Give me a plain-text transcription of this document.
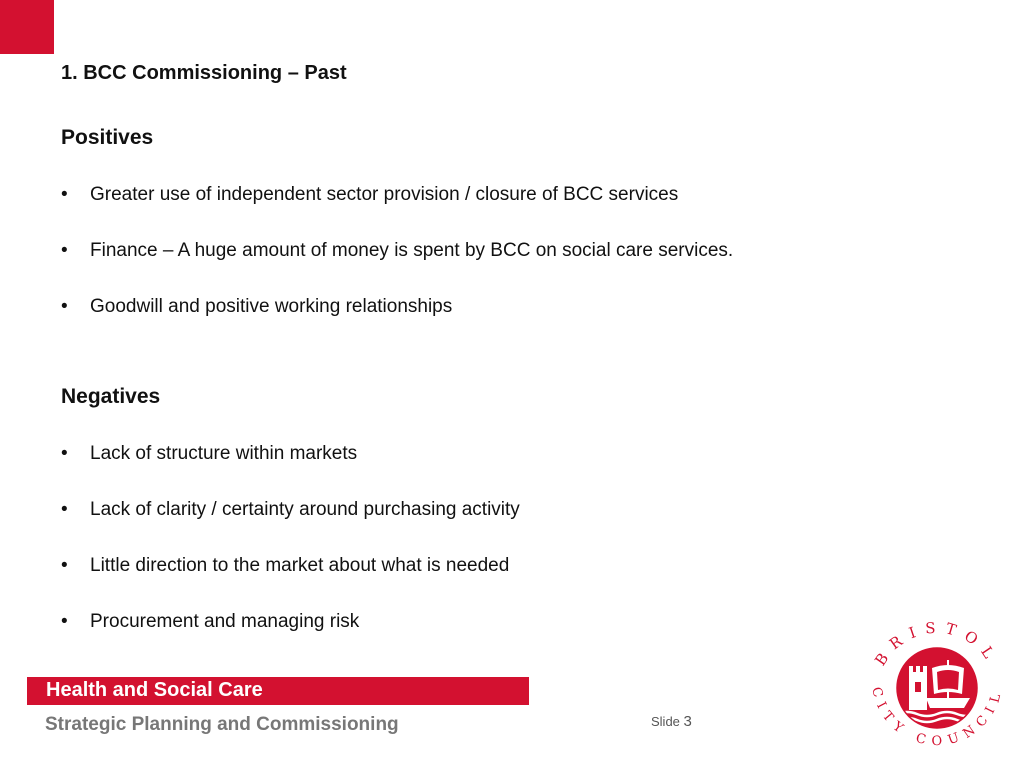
1. BCC Commissioning – Past
Positives
•	Greater use of independent sector provision / closure of BCC services
•	Finance – A huge amount of money is spent by BCC on social care services.
•	Goodwill and positive working relationships
Negatives
•	Lack of structure within markets
•	Lack of clarity / certainty around purchasing activity
•	Little direction to the market about what is needed
•	Procurement and managing risk
Health and Social Care
Strategic Planning and Commissioning	Slide 3
BRISTOL
CITY COUNCIL
